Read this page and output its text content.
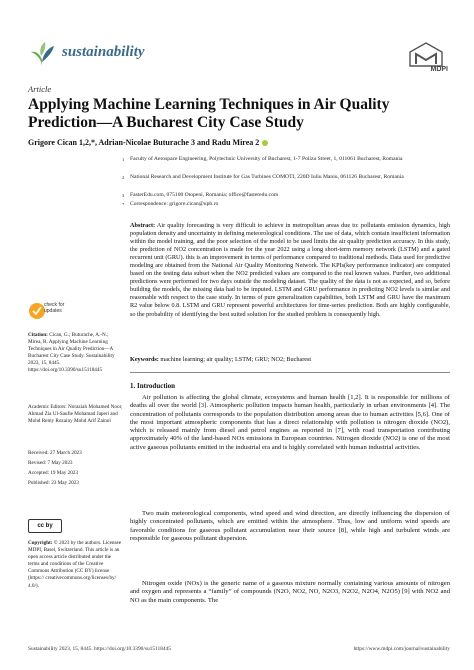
sustainability
MDPI
Article
Applying Machine Learning Techniques in Air Quality Prediction—A Bucharest City Case Study
Grigore Cican 1,2,*, Adrian-Nicolae Buturache 3 and Radu Mirea 2
1 Faculty of Aerospace Engineering, Polytechnic University of Bucharest, 1-7 Polizu Street, 1, 011061 Bucharest, Romania
2 National Research and Development Institute for Gas Turbines COMOTI, 220D Iuliu Maniu, 061126 Bucharest, Romania
3 FasterEdu.com, 075100 Otopeni, Romania; office@fasteredu.com
* Correspondence: grigore.cican@upb.ro
Abstract: Air quality forecasting is very difficult to achieve in metropolitan areas due to: pollutants emission dynamics, high population density and uncertainty in defining meteorological conditions. The use of data, which contain insufficient information within the model training, and the poor selection of the model to be used limits the air quality prediction accuracy. In this study, the prediction of NO2 concentration is made for the year 2022 using a long short-term memory network (LSTM) and a gated recurrent unit (GRU). this is an improvement in terms of performance compared to traditional methods. Data used for predictive modeling are obtained from the National Air Quality Monitoring Network. The KPIs(key performance indicator) are computed based on the testing data subset when the NO2 predicted values are compared to the real known values. Further, two additional predictions were performed for two days outside the modeling dataset. The quality of the data is not as expected, and so, before building the models, the missing data had to be imputed. LSTM and GRU performance in predicting NO2 levels is similar and reasonable with respect to the case study. In terms of pure generalization capabilities, both LSTM and GRU have the maximum R2 value below 0.8. LSTM and GRU represent powerful architectures for time-series prediction. Both are highly configurable, so the probability of identifying the best suited solution for the studied problem is consequently high.
Keywords: machine learning; air quality; LSTM; GRU; NO2; Bucharest
check for updates
Citation: Cican, G.; Buturache, A.-N.; Mirea, R. Applying Machine Learning Techniques in Air Quality Prediction—A Bucharest City Case Study. Sustainability 2023, 15, 8445. https://doi.org/10.3390/su15118445
Academic Editors: Noraziah Mohamed Noor, Ahmad Zia Ul-Saufie Mohamad Japeri and Mohd Remy Rozainy Mohd Arif Zainol
Received: 27 March 2023
Revised: 7 May 2023
Accepted: 19 May 2023
Published: 23 May 2023
cc by
Copyright: © 2023 by the authors. Licensee MDPI, Basel, Switzerland. This article is an open access article distributed under the terms and conditions of the Creative Commons Attribution (CC BY) license (https:// creativecommons.org/licenses/by/ 4.0/).
1. Introduction
Air pollution is affecting the global climate, ecosystems and human health [1,2]. It is responsible for millions of deaths all over the world [3]. Atmospheric pollution impacts human health, particularly in urban environments [4]. The concentration of pollutants corresponds to the population distribution among areas due to human activities [5,6]. One of the most important atmospheric components that has a direct relationship with pollution is nitrogen dioxide (NO2), which is released mainly from diesel and petrol engines as reported in [7], with road transportation contributing approximately 40% of the land-based NOx emissions in European countries. Nitrogen dioxide (NO2) is one of the most active gaseous pollutants emitted in the industrial era and is highly correlated with human industrial activities.
Two main meteorological components, wind speed and wind direction, are directly influencing the dispersion of highly concentrated pollutants, which are emitted within the atmosphere. Thus, low and uniform wind speeds are favorable conditions for gaseous pollutant accumulation near their source [8], while high and turbulent winds are responsible for gaseous pollutant dispersion.
Nitrogen oxide (NOx) is the generic name of a gaseous mixture normally containing various amounts of nitrogen and oxygen and represents a “family” of compounds (N2O, NO2, NO, N2O3, N2O2, N2O4, N2O5) [9] with NO2 and NO as the main components. The
Sustainability 2023, 15, 8445. https://doi.org/10.3390/su15118445	https://www.mdpi.com/journal/sustainability
